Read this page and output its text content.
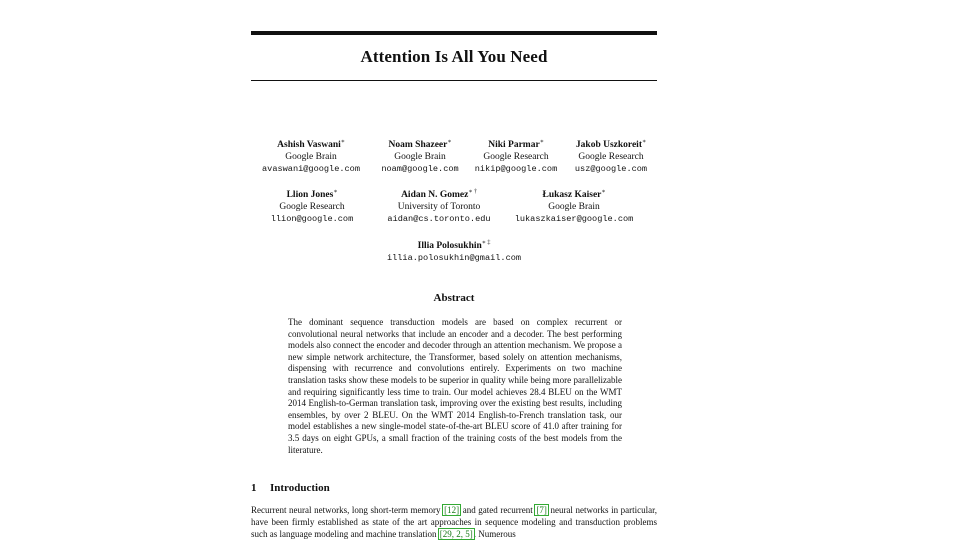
Attention Is All You Need
Ashish Vaswani∗
Google Brain
avaswani@google.com
Noam Shazeer∗
Google Brain
noam@google.com
Niki Parmar∗
Google Research
nikip@google.com
Jakob Uszkoreit∗
Google Research
usz@google.com
Llion Jones∗
Google Research
llion@google.com
Aidan N. Gomez∗ †
University of Toronto
aidan@cs.toronto.edu
Łukasz Kaiser∗
Google Brain
lukaszkaiser@google.com
Illia Polosukhin∗ ‡
illia.polosukhin@gmail.com
Abstract

The dominant sequence transduction models are based on complex recurrent or convolutional neural networks that include an encoder and a decoder. The best performing models also connect the encoder and decoder through an attention mechanism. We propose a new simple network architecture, the Transformer, based solely on attention mechanisms, dispensing with recurrence and convolutions entirely. Experiments on two machine translation tasks show these models to be superior in quality while being more parallelizable and requiring significantly less time to train. Our model achieves 28.4 BLEU on the WMT 2014 English-to-German translation task, improving over the existing best results, including ensembles, by over 2 BLEU. On the WMT 2014 English-to-French translation task, our model establishes a new single-model state-of-the-art BLEU score of 41.0 after training for 3.5 days on eight GPUs, a small fraction of the training costs of the best models from the literature.

1 Introduction

Recurrent neural networks, long short-term memory [12] and gated recurrent [7] neural networks in particular, have been firmly established as state of the art approaches in sequence modeling and transduction problems such as language modeling and machine translation [29, 2, 5]. Numerous
